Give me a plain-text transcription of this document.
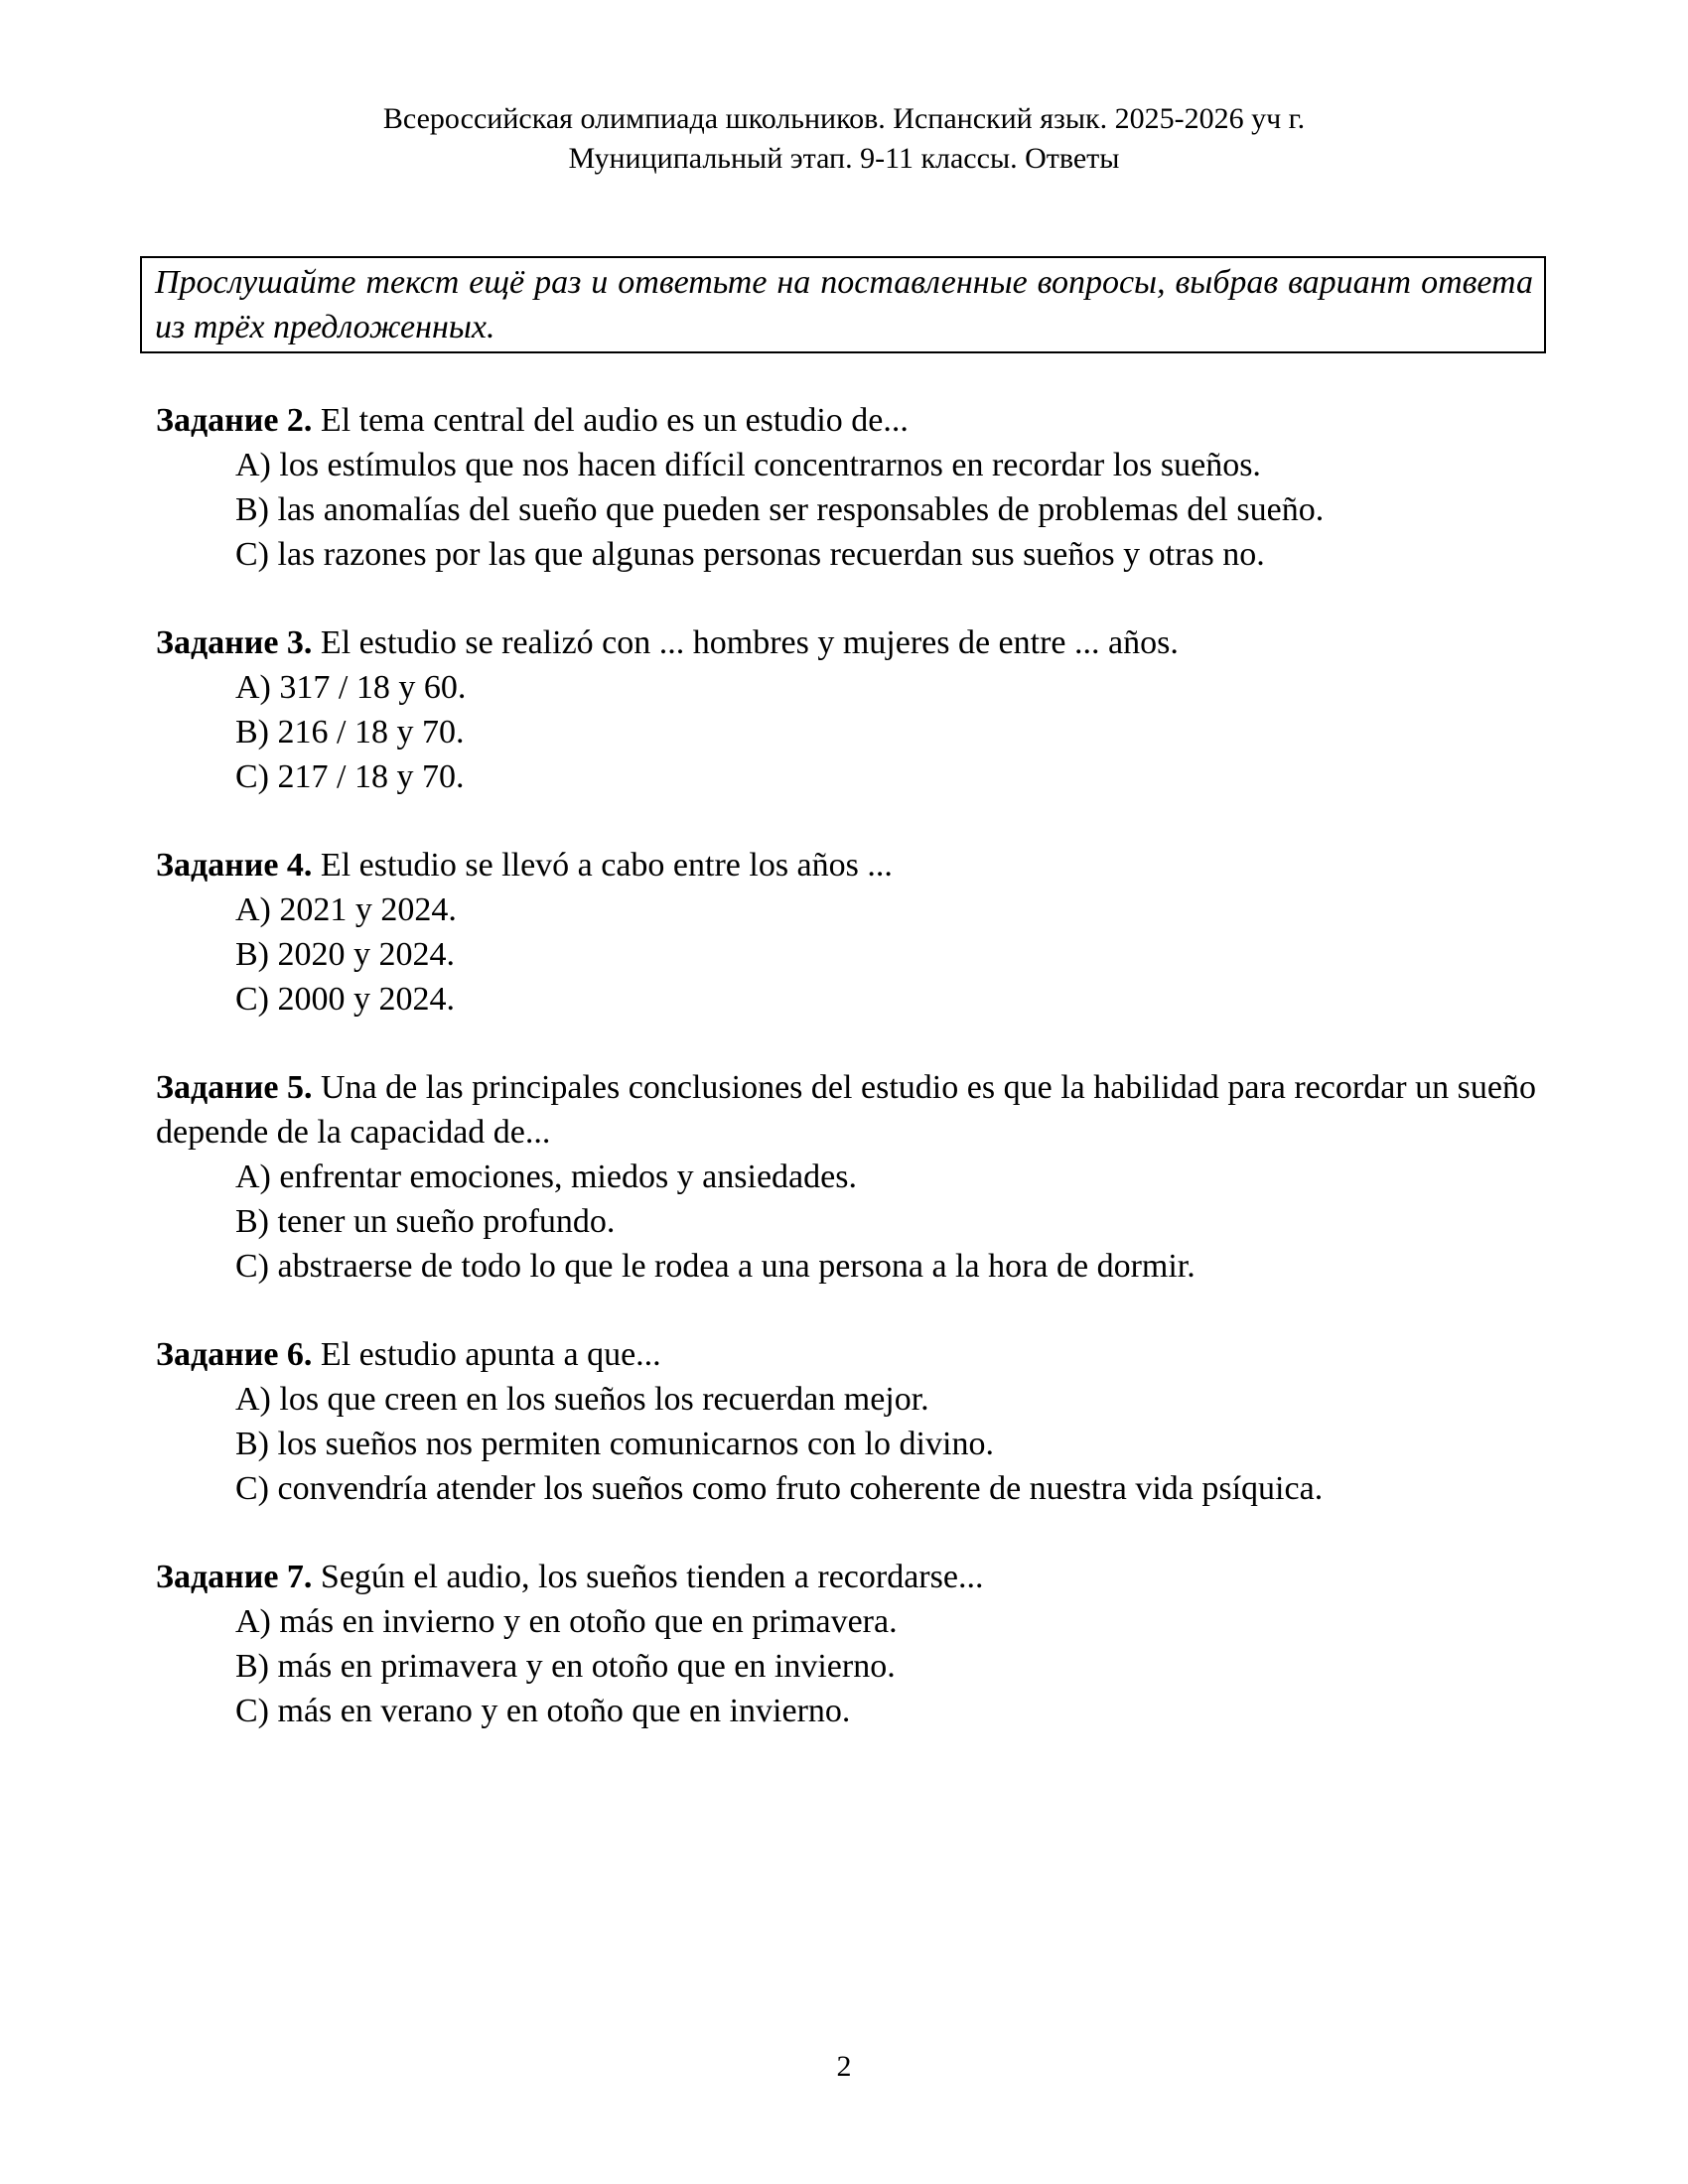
Всероссийская олимпиада школьников. Испанский язык. 2025-2026 уч г.
Муниципальный этап. 9-11 классы. Ответы
Прослушайте текст ещё раз и ответьте на поставленные вопросы, выбрав вариант ответа из трёх предложенных.
Задание 2. El tema central del audio es un estudio de...
A) los estímulos que nos hacen difícil concentrarnos en recordar los sueños.
B) las anomalías del sueño que pueden ser responsables de problemas del sueño.
C) las razones por las que algunas personas recuerdan sus sueños y otras no.
Задание 3. El estudio se realizó con ... hombres y mujeres de entre ... años.
A) 317 / 18 y 60.
B) 216 / 18 y 70.
C) 217 / 18 y 70.
Задание 4. El estudio se llevó a cabo entre los años ...
A) 2021 y 2024.
B) 2020 y 2024.
C) 2000 y 2024.
Задание 5. Una de las principales conclusiones del estudio es que la habilidad para recordar un sueño depende de la capacidad de...
A) enfrentar emociones, miedos y ansiedades.
B) tener un sueño profundo.
C) abstraerse de todo lo que le rodea a una persona a la hora de dormir.
Задание 6. El estudio apunta a que...
A) los que creen en los sueños los recuerdan mejor.
B) los sueños nos permiten comunicarnos con lo divino.
C) convendría atender los sueños como fruto coherente de nuestra vida psíquica.
Задание 7. Según el audio, los sueños tienden a recordarse...
A) más en invierno y en otoño que en primavera.
B) más en primavera y en otoño que en invierno.
C) más en verano y en otoño que en invierno.
2
